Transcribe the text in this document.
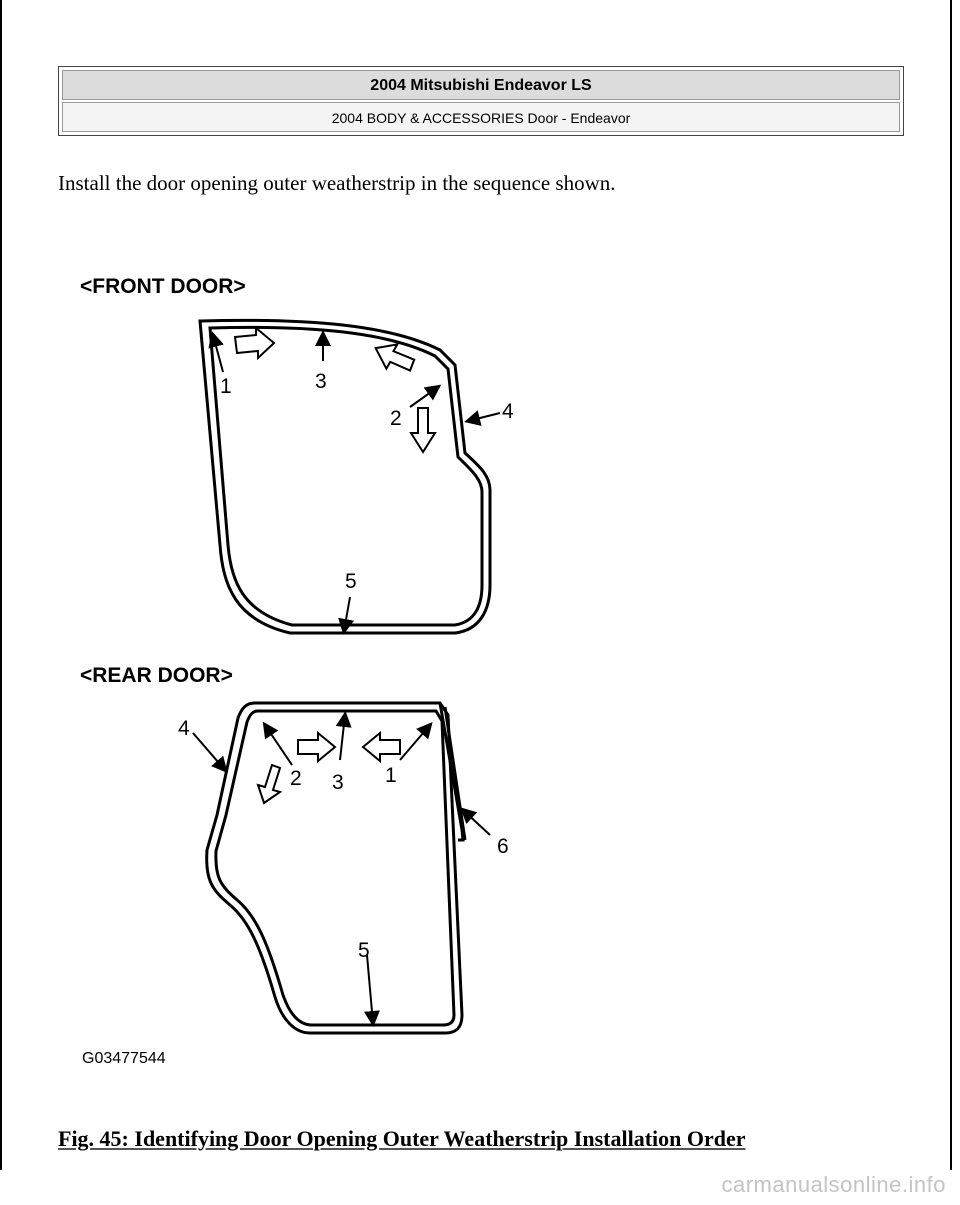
2004 Mitsubishi Endeavor LS
2004 BODY & ACCESSORIES Door - Endeavor
Install the door opening outer weatherstrip in the sequence shown.
<FRONT DOOR>
1	3
2	4
5
<REAR DOOR>
4
2 3 1
6
5
G03477544
Fig. 45: Identifying Door Opening Outer Weatherstrip Installation Order
carmanualsonline.info
